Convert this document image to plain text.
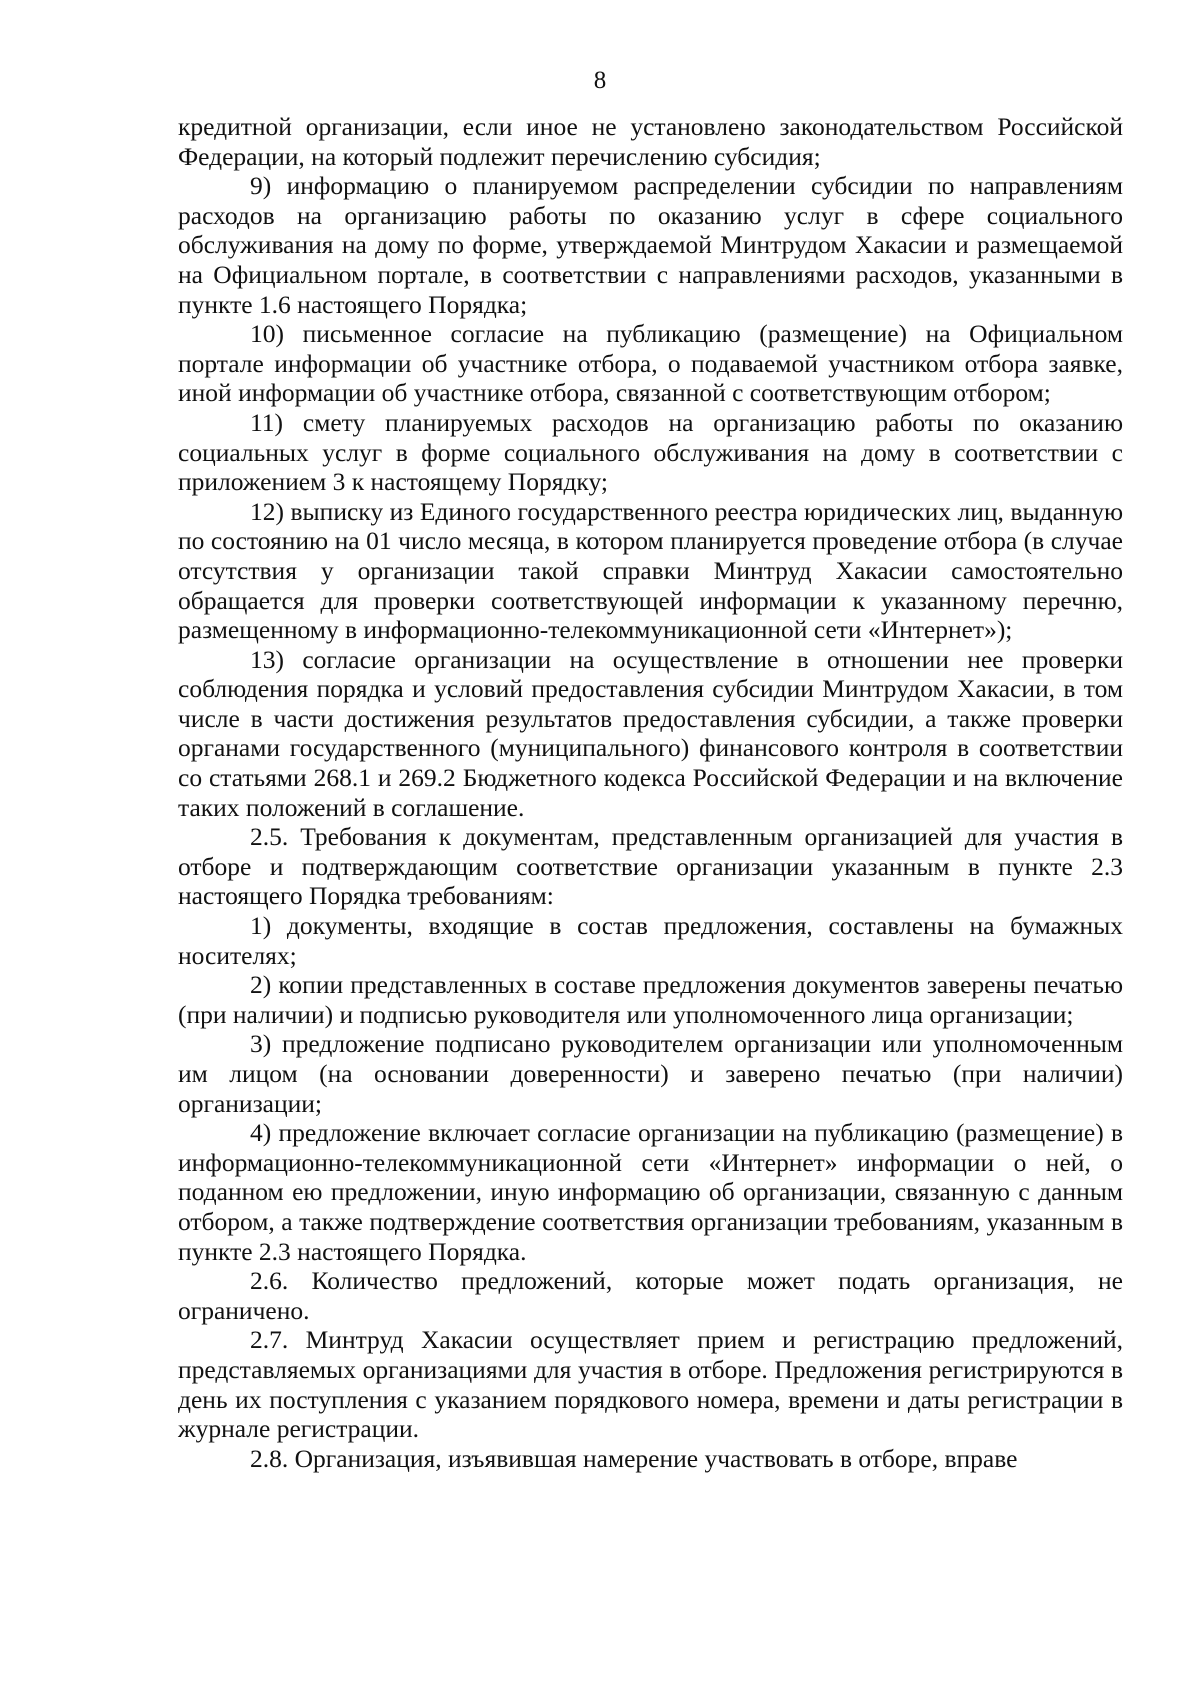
8

кредитной организации, если иное не установлено законодательством Российской Федерации, на который подлежит перечислению субсидия;

9) информацию о планируемом распределении субсидии по направлениям расходов на организацию работы по оказанию услуг в сфере социального обслуживания на дому по форме, утверждаемой Минтрудом Хакасии и размещаемой на Официальном портале, в соответствии с направлениями расходов, указанными в пункте 1.6 настоящего Порядка;

10) письменное согласие на публикацию (размещение) на Официальном портале информации об участнике отбора, о подаваемой участником отбора заявке, иной информации об участнике отбора, связанной с соответствующим отбором;

11) смету планируемых расходов на организацию работы по оказанию социальных услуг в форме социального обслуживания на дому в соответствии с приложением 3 к настоящему Порядку;

12) выписку из Единого государственного реестра юридических лиц, выданную по состоянию на 01 число месяца, в котором планируется проведение отбора (в случае отсутствия у организации такой справки Минтруд Хакасии самостоятельно обращается для проверки соответствующей информации к указанному перечню, размещенному в информационно-телекоммуникационной сети «Интернет»);

13) согласие организации на осуществление в отношении нее проверки соблюдения порядка и условий предоставления субсидии Минтрудом Хакасии, в том числе в части достижения результатов предоставления субсидии, а также проверки органами государственного (муниципального) финансового контроля в соответствии со статьями 268.1 и 269.2 Бюджетного кодекса Российской Федерации и на включение таких положений в соглашение.

2.5. Требования к документам, представленным организацией для участия в отборе и подтверждающим соответствие организации указанным в пункте 2.3 настоящего Порядка требованиям:

1) документы, входящие в состав предложения, составлены на бумажных носителях;

2) копии представленных в составе предложения документов заверены печатью (при наличии) и подписью руководителя или уполномоченного лица организации;

3) предложение подписано руководителем организации или уполномоченным им лицом (на основании доверенности) и заверено печатью (при наличии) организации;

4) предложение включает согласие организации на публикацию (размещение) в информационно-телекоммуникационной сети «Интернет» информации о ней, о поданном ею предложении, иную информацию об организации, связанную с данным отбором, а также подтверждение соответствия организации требованиям, указанным в пункте 2.3 настоящего Порядка.

2.6. Количество предложений, которые может подать организация, не ограничено.

2.7. Минтруд Хакасии осуществляет прием и регистрацию предложений, представляемых организациями для участия в отборе. Предложения регистрируются в день их поступления с указанием порядкового номера, времени и даты регистрации в журнале регистрации.

2.8. Организация, изъявившая намерение участвовать в отборе, вправе
